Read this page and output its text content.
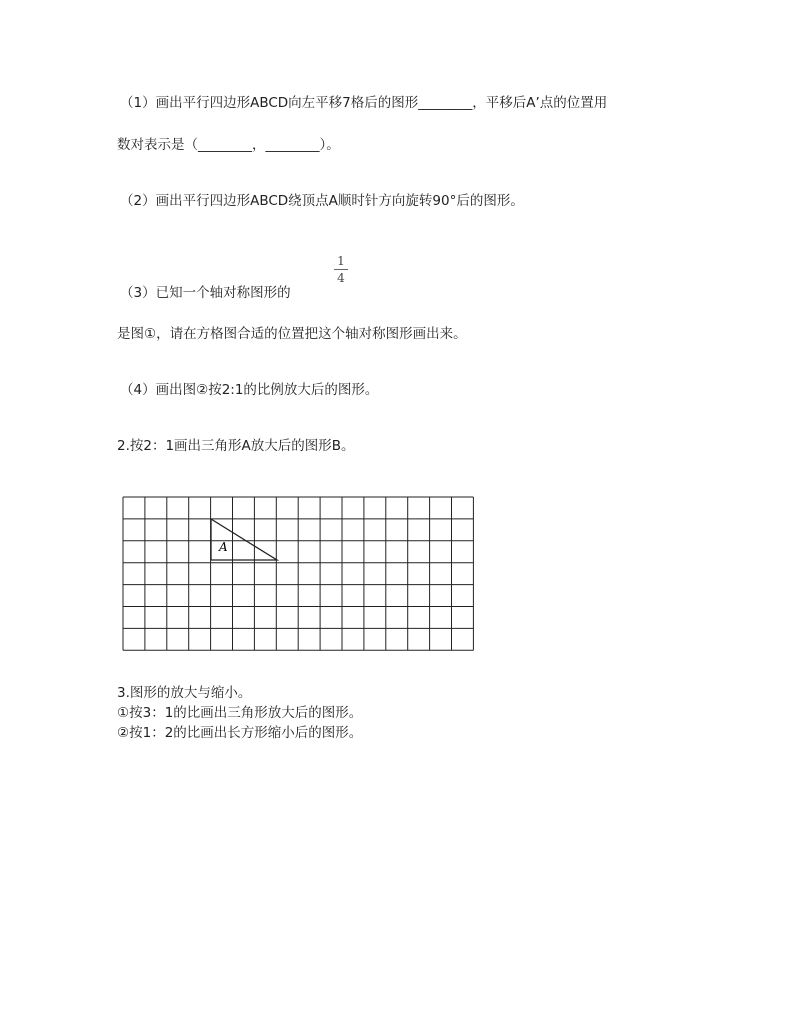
（1）画出平行四边形ABCD向左平移7格后的图形________，平移后A’点的位置用
数对表示是（________，________）。
（2）画出平行四边形ABCD绕顶点A顺时针方向旋转90°后的图形。
1
4
（3）已知一个轴对称图形的
是图①，请在方格图合适的位置把这个轴对称图形画出来。
（4）画出图②按2:1的比例放大后的图形。
2.按2：1画出三角形A放大后的图形B。
A
3.图形的放大与缩小。
①按3：1的比画出三角形放大后的图形。
②按1：2的比画出长方形缩小后的图形。
